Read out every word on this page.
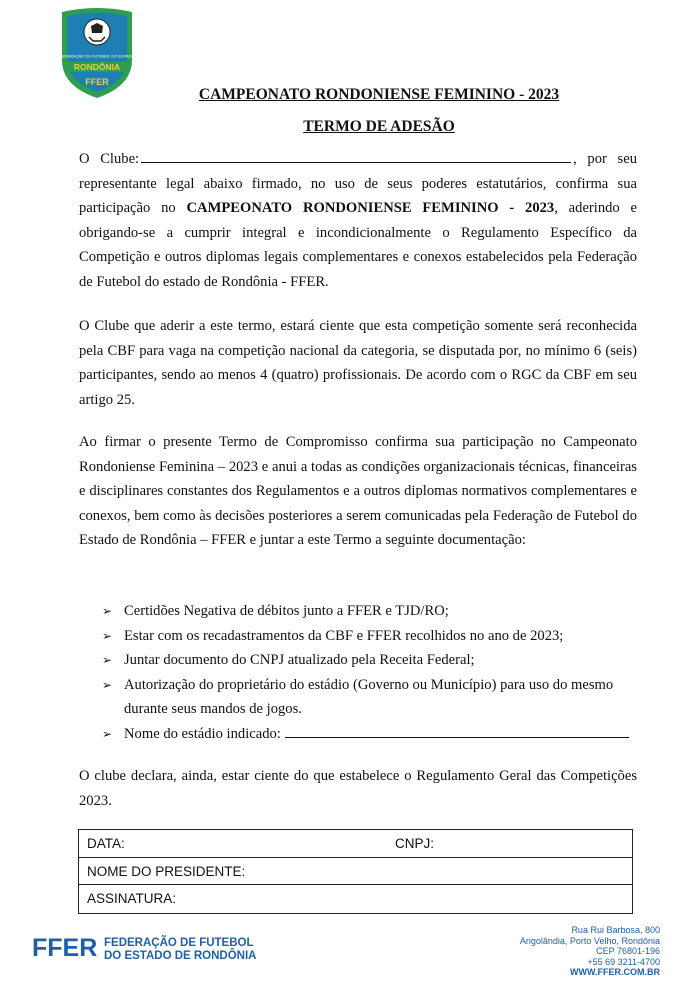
FEDERAÇÃO DE FUTEBOL DO ESTADO
RONDÔNIA
FFER
CAMPEONATO RONDONIENSE FEMININO - 2023
TERMO DE ADESÃO
O Clube:	, por seu representante legal abaixo firmado, no uso de seus poderes estatutários, confirma sua participação no CAMPEONATO RONDONIENSE FEMININO - 2023, aderindo e obrigando-se a cumprir integral e incondicionalmente o Regulamento Específico da Competição e outros diplomas legais complementares e conexos estabelecidos pela Federação de Futebol do estado de Rondônia - FFER.
O Clube que aderir a este termo, estará ciente que esta competição somente será reconhecida pela CBF para vaga na competição nacional da categoria, se disputada por, no mínimo 6 (seis) participantes, sendo ao menos 4 (quatro) profissionais. De acordo com o RGC da CBF em seu artigo 25.
Ao firmar o presente Termo de Compromisso confirma sua participação no Campeonato Rondoniense Feminina – 2023 e anui a todas as condições organizacionais técnicas, financeiras e disciplinares constantes dos Regulamentos e a outros diplomas normativos complementares e conexos, bem como às decisões posteriores a serem comunicadas pela Federação de Futebol do Estado de Rondônia – FFER e juntar a este Termo a seguinte documentação:
➢ Certidões Negativa de débitos junto a FFER e TJD/RO;
➢ Estar com os recadastramentos da CBF e FFER recolhidos no ano de 2023;
➢ Juntar documento do CNPJ atualizado pela Receita Federal;
➢ Autorização do proprietário do estádio (Governo ou Município) para uso do mesmo durante seus mandos de jogos.
➢ Nome do estádio indicado:
O clube declara, ainda, estar ciente do que estabelece o Regulamento Geral das Competições 2023.
DATA:	CNPJ:
NOME DO PRESIDENTE:
ASSINATURA:
FFER FEDERAÇÃO DE FUTEBOL
DO ESTADO DE RONDÔNIA
Rua Rui Barbosa, 800
Arigolândia, Porto Velho, Rondônia
CEP 76801-196
+55 69 3211-4700
WWW.FFER.COM.BR
